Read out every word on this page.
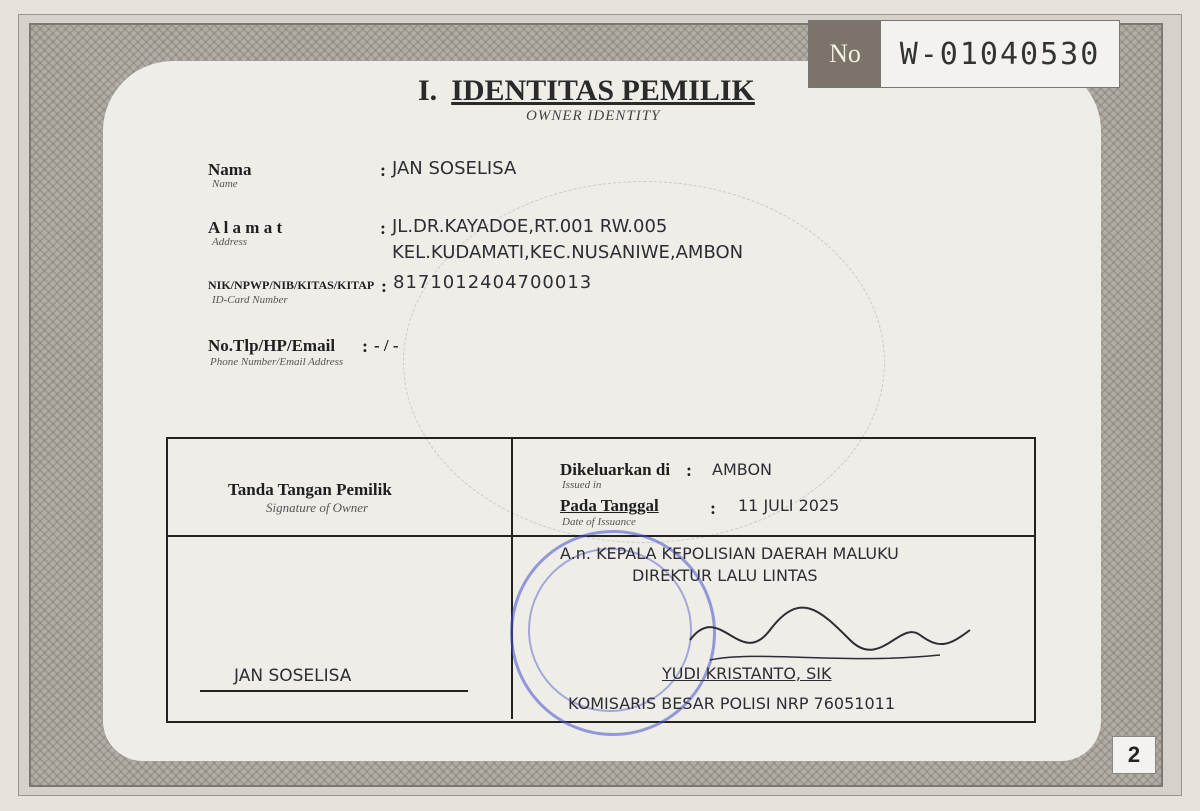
No	W-01040530
I. IDENTITAS PEMILIK
OWNER IDENTITY
Nama
Name
: JAN SOSELISA
A l a m a t
Address
: JL.DR.KAYADOE,RT.001 RW.005
KEL.KUDAMATI,KEC.NUSANIWE,AMBON
NIK/NPWP/NIB/KITAS/KITAP
ID-Card Number
: 8171012404700013
No.Tlp/HP/Email :
Phone Number/Email Address
- / -
Tanda Tangan Pemilik
Signature of Owner
JAN SOSELISA
Dikeluarkan di :
Issued in
AMBON
Pada Tanggal	:
Date of Issuance
11 JULI 2025
A.n. KEPALA KEPOLISIAN DAERAH MALUKU
DIREKTUR LALU LINTAS
YUDI KRISTANTO, SIK
KOMISARIS BESAR POLISI NRP 76051011
2
